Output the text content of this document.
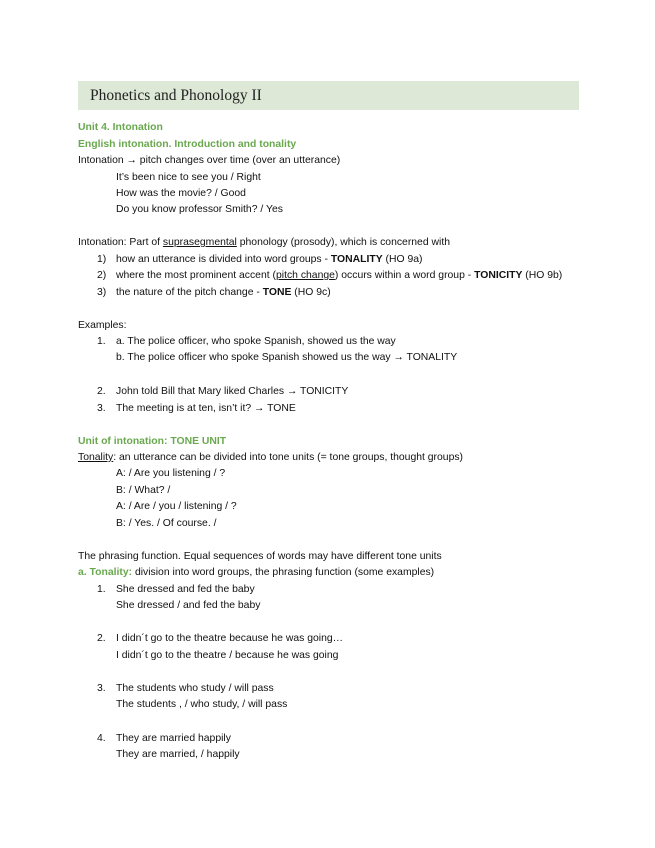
Phonetics and Phonology II
Unit 4. Intonation
English intonation. Introduction and tonality
Intonation → pitch changes over time (over an utterance)
It’s been nice to see you / Right
How was the movie? / Good
Do you know professor Smith? / Yes
Intonation: Part of suprasegmental phonology (prosody), which is concerned with
1) how an utterance is divided into word groups - TONALITY (HO 9a)
2) where the most prominent accent (pitch change) occurs within a word group - TONICITY (HO 9b)
3) the nature of the pitch change - TONE (HO 9c)
Examples:
1. a. The police officer, who spoke Spanish, showed us the way
b. The police officer who spoke Spanish showed us the way → TONALITY
2. John told Bill that Mary liked Charles → TONICITY
3. The meeting is at ten, isn’t it? → TONE
Unit of intonation: TONE UNIT
Tonality: an utterance can be divided into tone units (= tone groups, thought groups)
A: / Are you listening / ?
B: / What? /
A: / Are / you / listening / ?
B: / Yes. / Of course. /
The phrasing function. Equal sequences of words may have different tone units
a. Tonality: division into word groups, the phrasing function (some examples)
1. She dressed and fed the baby
She dressed / and fed the baby
2. I didn´t go to the theatre because he was going…
I didn´t go to the theatre / because he was going
3. The students who study / will pass
The students , / who study, / will pass
4. They are married happily
They are married, / happily
